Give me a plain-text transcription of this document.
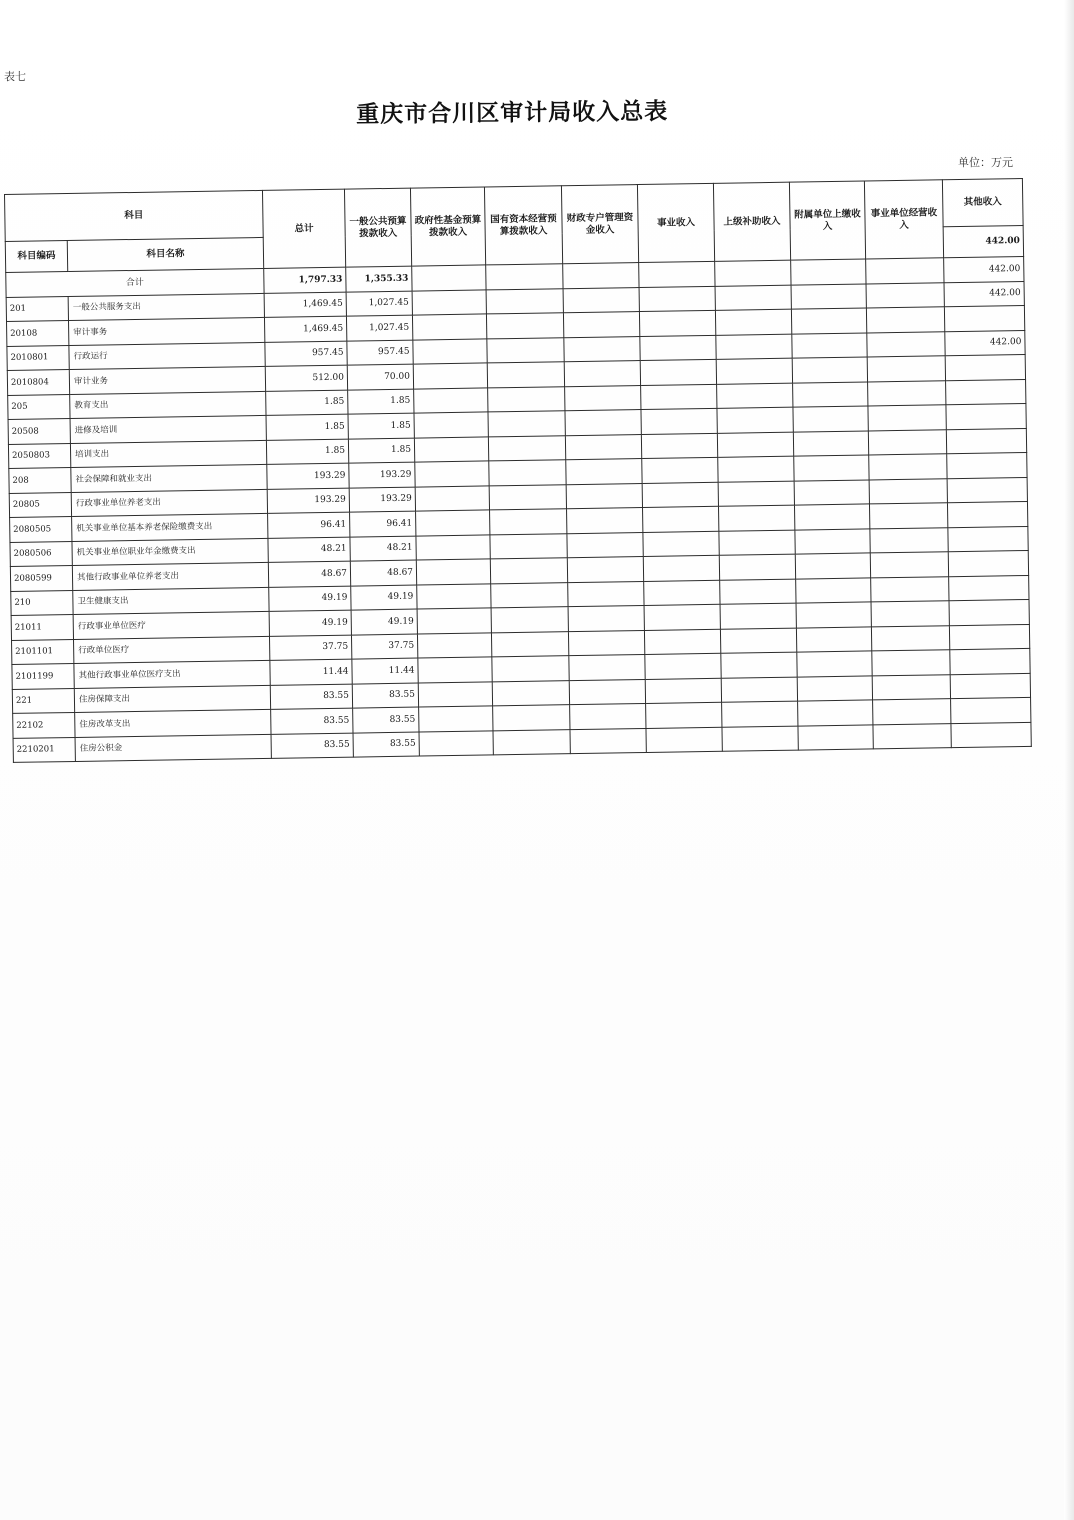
表七
重庆市合川区审计局收入总表
单位：万元
科目		总计	一般公共预算拨款收入	政府性基金预算拨款收入	国有资本经营预算拨款收入	财政专户管理资金收入	事业收入	上级补助收入	附属单位上缴收入	事业单位经营收入	其他收入
科目编码	科目名称										442.00
合计		1,797.33	1,355.33								442.00
201	一般公共服务支出	1,469.45	1,027.45								442.00
20108	审计事务	1,469.45	1,027.45								
2010801	行政运行	957.45	957.45								442.00
2010804	审计业务	512.00	70.00								
205	教育支出	1.85	1.85								
20508	进修及培训	1.85	1.85								
2050803	培训支出	1.85	1.85								
208	社会保障和就业支出	193.29	193.29								
20805	行政事业单位养老支出	193.29	193.29								
2080505	机关事业单位基本养老保险缴费支出	96.41	96.41								
2080506	机关事业单位职业年金缴费支出	48.21	48.21								
2080599	其他行政事业单位养老支出	48.67	48.67								
210	卫生健康支出	49.19	49.19								
21011	行政事业单位医疗	49.19	49.19								
2101101	行政单位医疗	37.75	37.75								
2101199	其他行政事业单位医疗支出	11.44	11.44								
221	住房保障支出	83.55	83.55								
22102	住房改革支出	83.55	83.55								
2210201	住房公积金	83.55	83.55								
